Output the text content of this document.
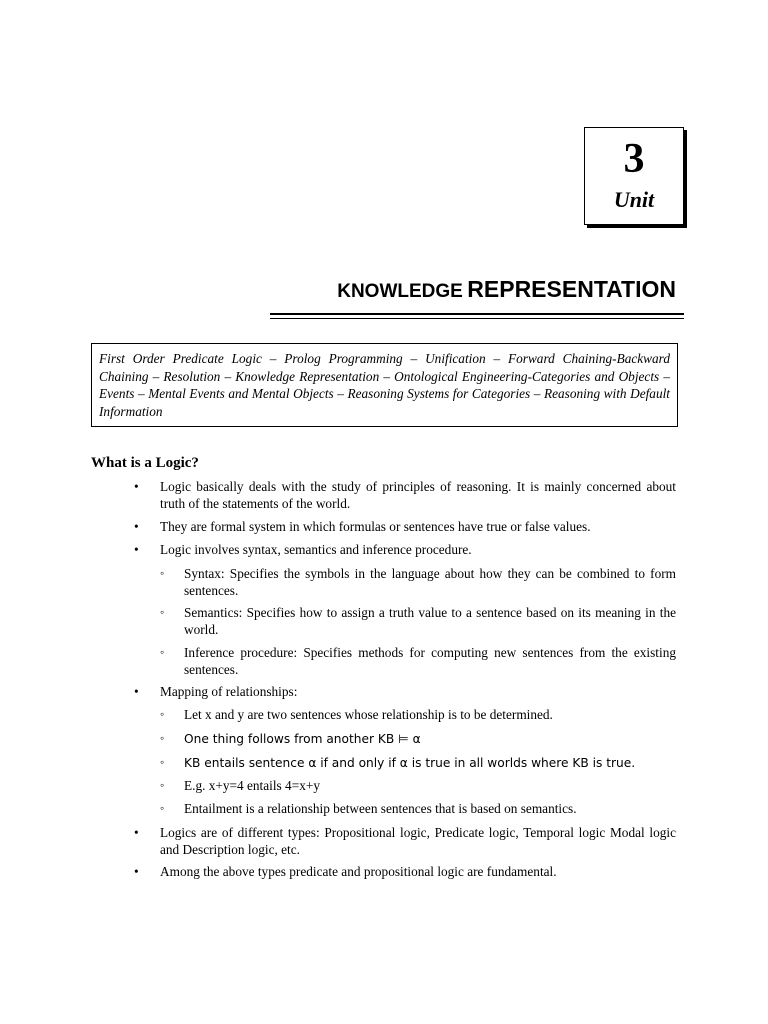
3
Unit
KNOWLEDGE REPRESENTATION
First Order Predicate Logic – Prolog Programming – Unification – Forward Chaining-Backward Chaining – Resolution – Knowledge Representation – Ontological Engineering-Categories and Objects – Events – Mental Events and Mental Objects – Reasoning Systems for Categories – Reasoning with Default Information
What is a Logic?
• Logic basically deals with the study of principles of reasoning. It is mainly concerned about truth of the statements of the world.
• They are formal system in which formulas or sentences have true or false values.
• Logic involves syntax, semantics and inference procedure.
◦ Syntax: Specifies the symbols in the language about how they can be combined to form sentences.
◦ Semantics: Specifies how to assign a truth value to a sentence based on its meaning in the world.
◦ Inference procedure: Specifies methods for computing new sentences from the existing sentences.
• Mapping of relationships:
◦ Let x and y are two sentences whose relationship is to be determined.
◦ One thing follows from another KB ⊨ α
◦ KB entails sentence α if and only if α is true in all worlds where KB is true.
◦ E.g. x+y=4 entails 4=x+y
◦ Entailment is a relationship between sentences that is based on semantics.
• Logics are of different types: Propositional logic, Predicate logic, Temporal logic Modal logic and Description logic, etc.
• Among the above types predicate and propositional logic are fundamental.
